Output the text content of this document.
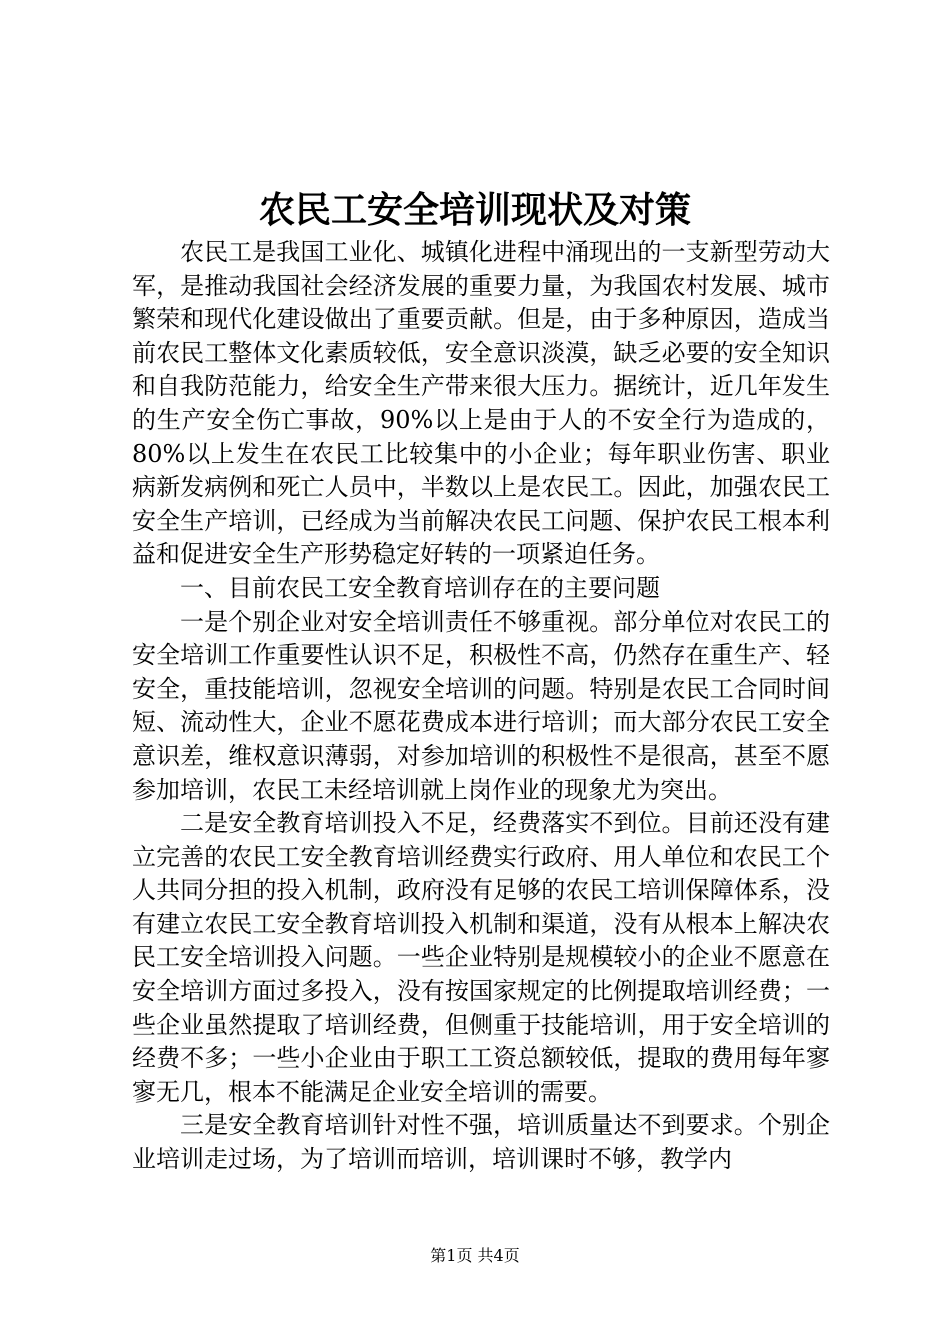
农民工安全培训现状及对策

农民工是我国工业化、城镇化进程中涌现出的一支新型劳动大军，是推动我国社会经济发展的重要力量，为我国农村发展、城市繁荣和现代化建设做出了重要贡献。但是，由于多种原因，造成当前农民工整体文化素质较低，安全意识淡漠，缺乏必要的安全知识和自我防范能力，给安全生产带来很大压力。据统计，近几年发生的生产安全伤亡事故，90%以上是由于人的不安全行为造成的，80%以上发生在农民工比较集中的小企业；每年职业伤害、职业病新发病例和死亡人员中，半数以上是农民工。因此，加强农民工安全生产培训，已经成为当前解决农民工问题、保护农民工根本利益和促进安全生产形势稳定好转的一项紧迫任务。

一、目前农民工安全教育培训存在的主要问题

一是个别企业对安全培训责任不够重视。部分单位对农民工的安全培训工作重要性认识不足，积极性不高，仍然存在重生产、轻安全，重技能培训，忽视安全培训的问题。特别是农民工合同时间短、流动性大，企业不愿花费成本进行培训；而大部分农民工安全意识差，维权意识薄弱，对参加培训的积极性不是很高，甚至不愿参加培训，农民工未经培训就上岗作业的现象尤为突出。

二是安全教育培训投入不足，经费落实不到位。目前还没有建立完善的农民工安全教育培训经费实行政府、用人单位和农民工个人共同分担的投入机制，政府没有足够的农民工培训保障体系，没有建立农民工安全教育培训投入机制和渠道，没有从根本上解决农民工安全培训投入问题。一些企业特别是规模较小的企业不愿意在安全培训方面过多投入，没有按国家规定的比例提取培训经费；一些企业虽然提取了培训经费，但侧重于技能培训，用于安全培训的经费不多；一些小企业由于职工工资总额较低，提取的费用每年寥寥无几，根本不能满足企业安全培训的需要。

三是安全教育培训针对性不强，培训质量达不到要求。个别企业培训走过场，为了培训而培训，培训课时不够，教学内

第1页 共4页
